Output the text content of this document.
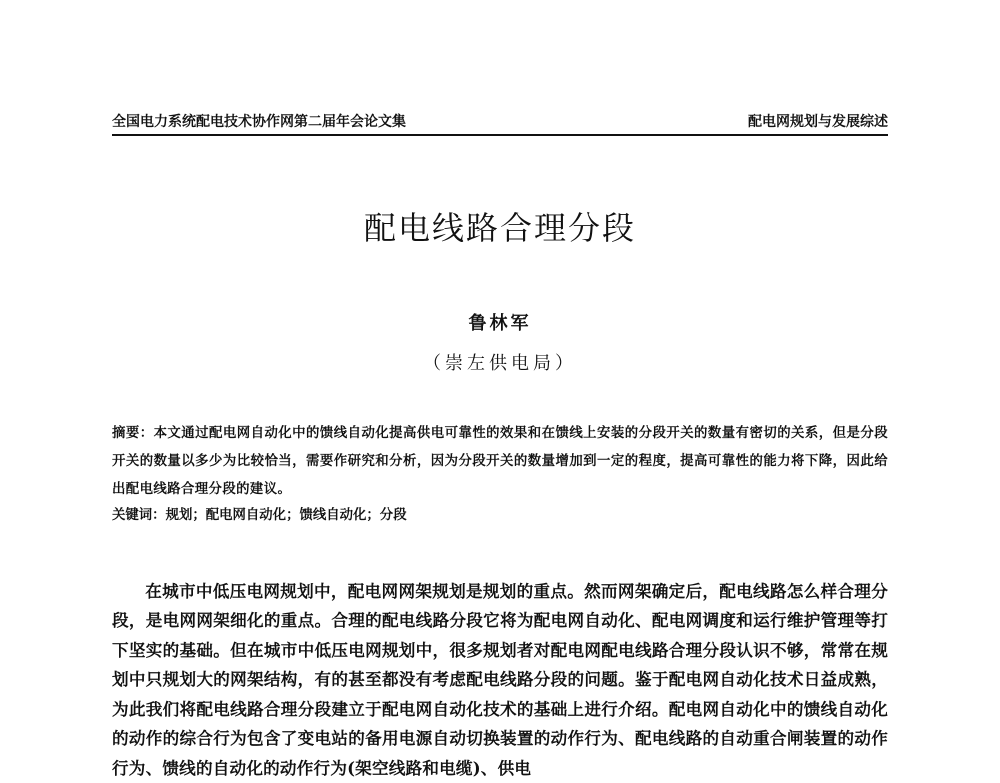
全国电力系统配电技术协作网第二届年会论文集	配电网规划与发展综述
配电线路合理分段
鲁林军
（崇左供电局）
摘要：本文通过配电网自动化中的馈线自动化提高供电可靠性的效果和在馈线上安装的分段开关的数量有密切的关系，但是分段开关的数量以多少为比较恰当，需要作研究和分析，因为分段开关的数量增加到一定的程度，提高可靠性的能力将下降，因此给出配电线路合理分段的建议。
关键词：规划；配电网自动化；馈线自动化；分段

在城市中低压电网规划中，配电网网架规划是规划的重点。然而网架确定后，配电线路怎么样合理分段，是电网网架细化的重点。合理的配电线路分段它将为配电网自动化、配电网调度和运行维护管理等打下坚实的基础。但在城市中低压电网规划中，很多规划者对配电网配电线路合理分段认识不够，常常在规划中只规划大的网架结构，有的甚至都没有考虑配电线路分段的问题。鉴于配电网自动化技术日益成熟，为此我们将配电线路合理分段建立于配电网自动化技术的基础上进行介绍。配电网自动化中的馈线自动化的动作的综合行为包含了变电站的备用电源自动切换装置的动作行为、配电线路的自动重合闸装置的动作行为、馈线的自动化的动作行为(架空线路和电缆)、供电
